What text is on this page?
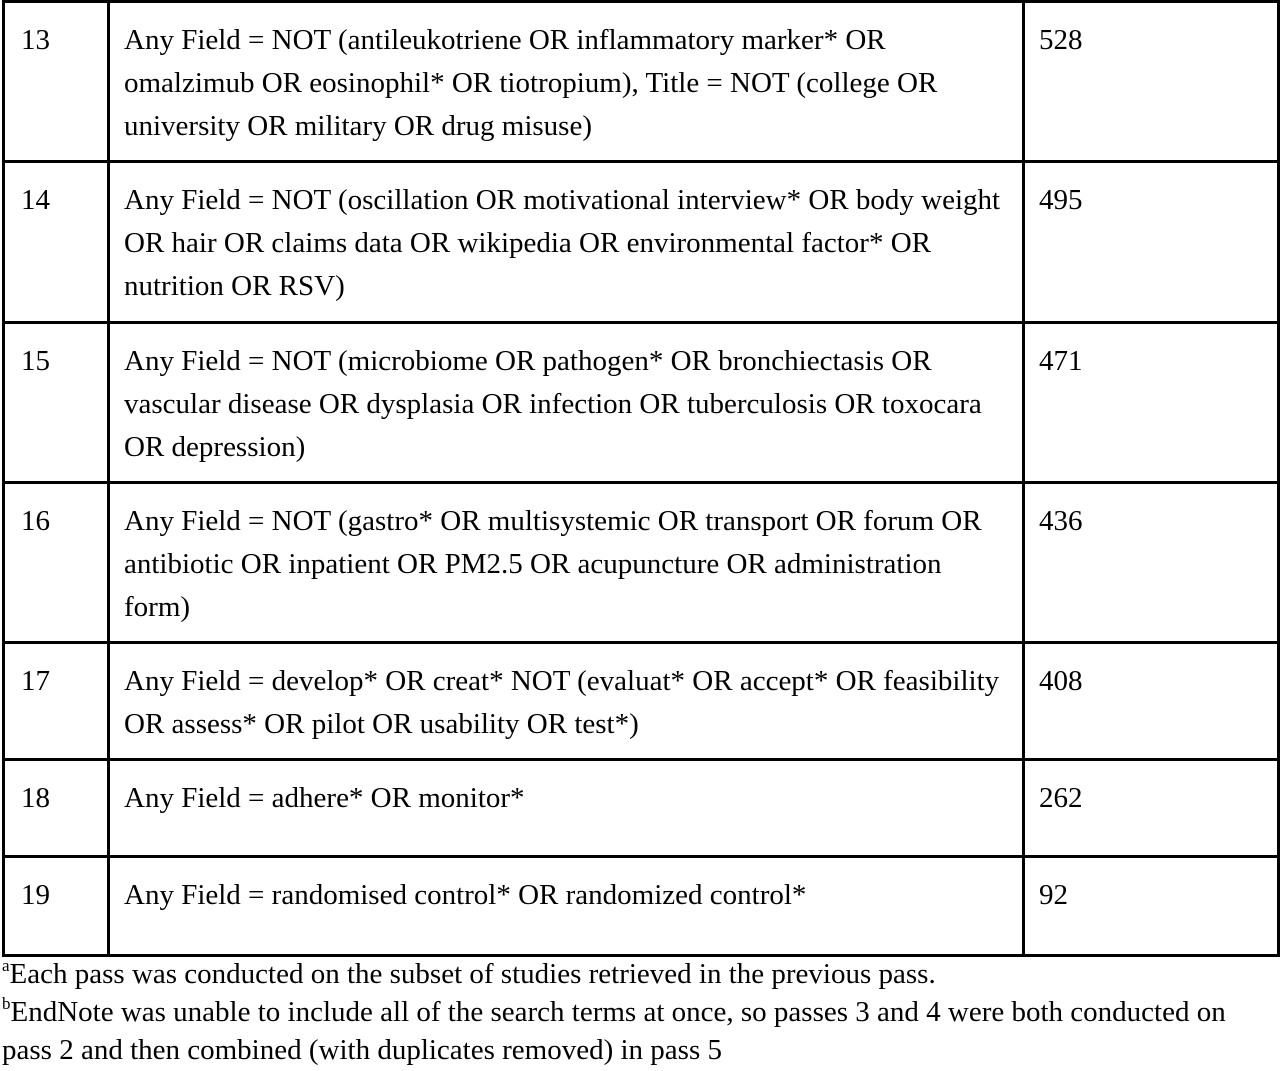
13	Any Field = NOT (antileukotriene OR inflammatory marker* OR omalzimub OR eosinophil* OR tiotropium), Title = NOT (college OR university OR military OR drug misuse)	528
14	Any Field = NOT (oscillation OR motivational interview* OR body weight OR hair OR claims data OR wikipedia OR environmental factor* OR nutrition OR RSV)	495
15	Any Field = NOT (microbiome OR pathogen* OR bronchiectasis OR vascular disease OR dysplasia OR infection OR tuberculosis OR toxocara OR depression)	471
16	Any Field = NOT (gastro* OR multisystemic OR transport OR forum OR antibiotic OR inpatient OR PM2.5 OR acupuncture OR administration form)	436
17	Any Field = develop* OR creat* NOT (evaluat* OR accept* OR feasibility OR assess* OR pilot OR usability OR test*)	408
18	Any Field = adhere* OR monitor*	262
19	Any Field = randomised control* OR randomized control*	92

$^a$Each pass was conducted on the subset of studies retrieved in the previous pass.

$^b$EndNote was unable to include all of the search terms at once, so passes 3 and 4 were both conducted on pass 2 and then combined (with duplicates removed) in pass 5
